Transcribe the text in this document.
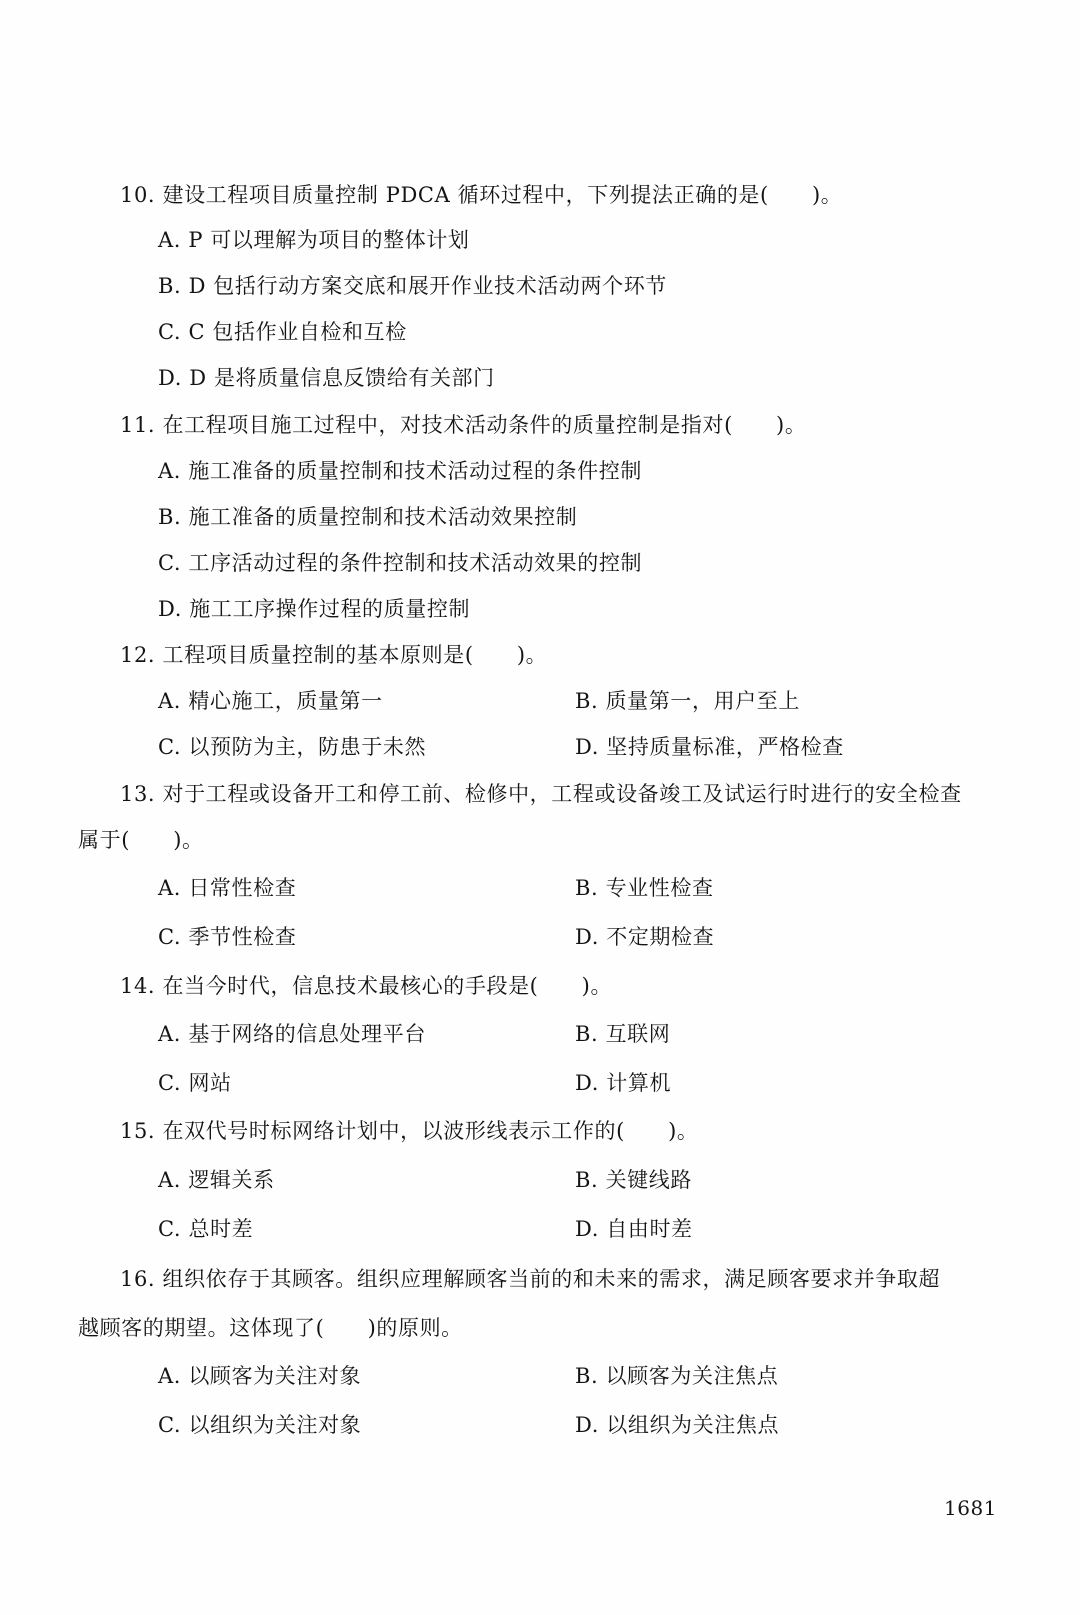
10. 建设工程项目质量控制 PDCA 循环过程中，下列提法正确的是(　　)。
A. P 可以理解为项目的整体计划
B. D 包括行动方案交底和展开作业技术活动两个环节
C. C 包括作业自检和互检
D. D 是将质量信息反馈给有关部门
11. 在工程项目施工过程中，对技术活动条件的质量控制是指对(　　)。
A. 施工准备的质量控制和技术活动过程的条件控制
B. 施工准备的质量控制和技术活动效果控制
C. 工序活动过程的条件控制和技术活动效果的控制
D. 施工工序操作过程的质量控制
12. 工程项目质量控制的基本原则是(　　)。
A. 精心施工，质量第一	B. 质量第一，用户至上
C. 以预防为主，防患于未然	D. 坚持质量标准，严格检查
13. 对于工程或设备开工和停工前、检修中，工程或设备竣工及试运行时进行的安全检查
属于(　　)。
A. 日常性检查	B. 专业性检查
C. 季节性检查	D. 不定期检查
14. 在当今时代，信息技术最核心的手段是(　　)。
A. 基于网络的信息处理平台	B. 互联网
C. 网站	D. 计算机
15. 在双代号时标网络计划中，以波形线表示工作的(　　)。
A. 逻辑关系	B. 关键线路
C. 总时差	D. 自由时差
16. 组织依存于其顾客。组织应理解顾客当前的和未来的需求，满足顾客要求并争取超
越顾客的期望。这体现了(　　)的原则。
A. 以顾客为关注对象	B. 以顾客为关注焦点
C. 以组织为关注对象	D. 以组织为关注焦点
1681
